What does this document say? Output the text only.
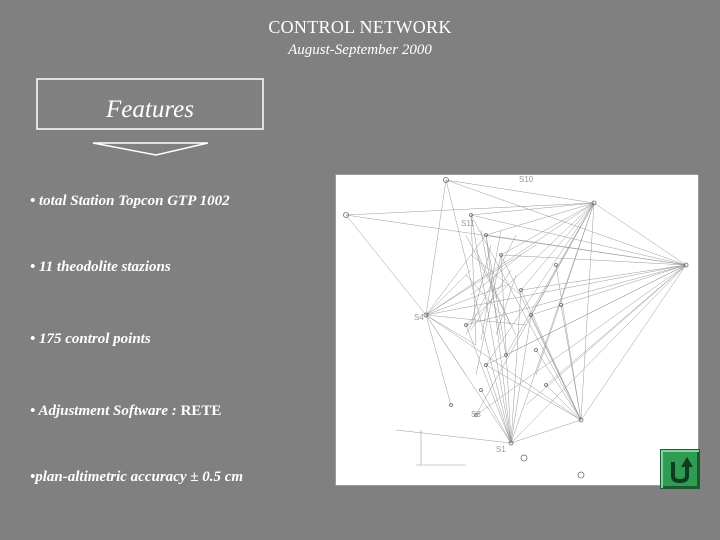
CONTROL NETWORK
August-September 2000
Features
• total Station Topcon GTP 1002
• 11 theodolite stazions
• 175 control points
• Adjustment Software : RETE
•plan-altimetric accuracy ± 0.5 cm
S10
S11
S4
S8
S1
